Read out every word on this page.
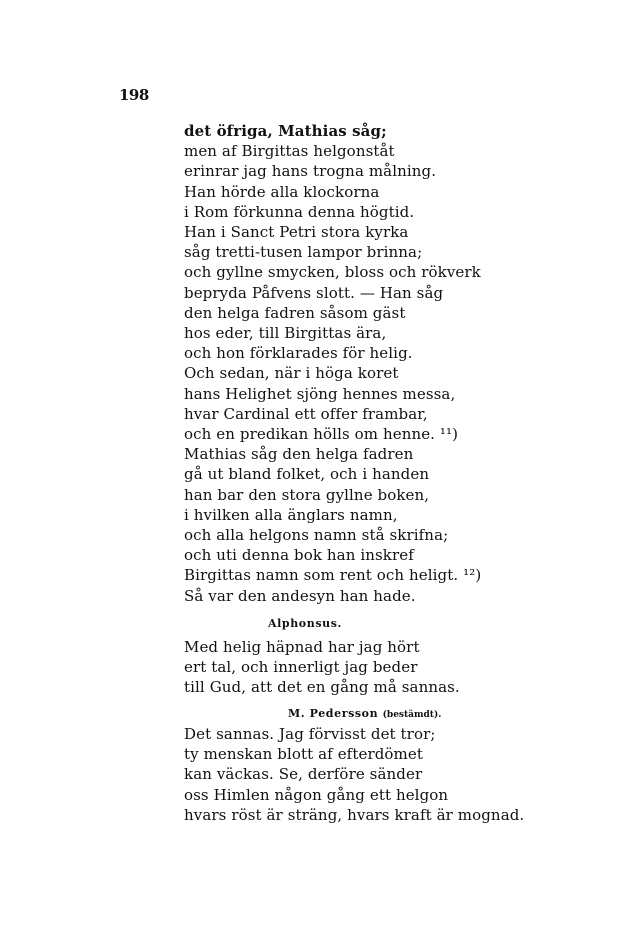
198
det öfriga, Mathias såg;
men af Birgittas helgonståt
erinrar jag hans trogna målning.
Han hörde alla klockorna
i Rom förkunna denna högtid.
Han i Sanct Petri stora kyrka
såg tretti-tusen lampor brinna;
och gyllne smycken, bloss och rökverk
bepryda Påfvens slott. — Han såg
den helga fadren såsom gäst
hos eder, till Birgittas ära,
och hon förklarades för helig.
Och sedan, när i höga koret
hans Helighet sjöng hennes messa,
hvar Cardinal ett offer frambar,
och en predikan hölls om henne. ¹¹)
Mathias såg den helga fadren
gå ut bland folket, och i handen
han bar den stora gyllne boken,
i hvilken alla änglars namn,
och alla helgons namn stå skrifna;
och uti denna bok han inskref
Birgittas namn som rent och heligt. ¹²)
Så var den andesyn han hade.
Alphonsus.
Med helig häpnad har jag hört
ert tal, och innerligt jag beder
till Gud, att det en gång må sannas.
M. Pedersson (bestämdt).
Det sannas. Jag förvisst det tror;
ty menskan blott af efterdömet
kan väckas. Se, derföre sänder
oss Himlen någon gång ett helgon
hvars röst är sträng, hvars kraft är mognad.
